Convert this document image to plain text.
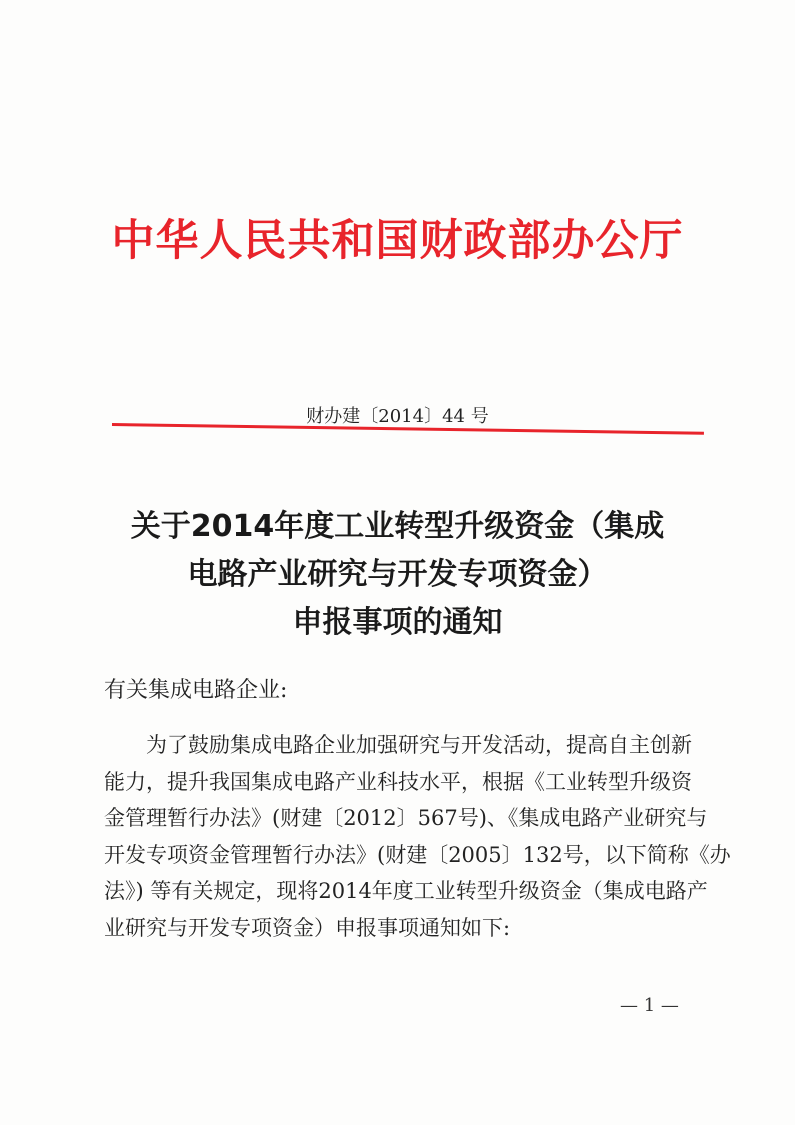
中华人民共和国财政部办公厅
财办建〔2014〕44 号
关于2014年度工业转型升级资金（集成
电路产业研究与开发专项资金）
申报事项的通知
有关集成电路企业:
为了鼓励集成电路企业加强研究与开发活动，提高自主创新
能力，提升我国集成电路产业科技水平，根据《工业转型升级资
金管理暂行办法》(财建〔2012〕567号)、《集成电路产业研究与
开发专项资金管理暂行办法》(财建〔2005〕132号，以下简称《办
法》) 等有关规定，现将2014年度工业转型升级资金（集成电路产
业研究与开发专项资金）申报事项通知如下:
— 1 —
